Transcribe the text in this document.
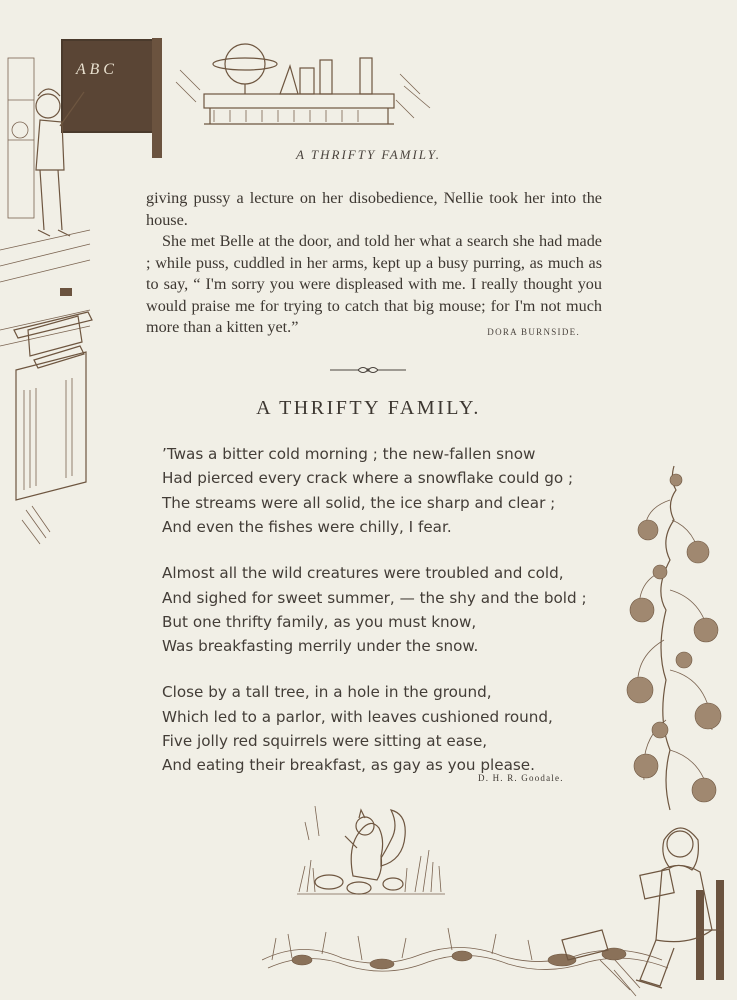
A B C
A THRIFTY FAMILY.

giving pussy a lecture on her disobedience, Nellie took her into the house.

She met Belle at the door, and told her what a search she had made ; while puss, cuddled in her arms, kept up a busy purring, as much as to say, “ I'm sorry you were displeased with me. I really thought you would praise me for trying to catch that big mouse; for I'm not much more than a kitten yet.”	DORA BURNSIDE.

A THRIFTY FAMILY.
’Twas a bitter cold morning ; the new-fallen snow
Had pierced every crack where a snowflake could go ;
The streams were all solid, the ice sharp and clear ;
And even the fishes were chilly, I fear.
Almost all the wild creatures were troubled and cold,
And sighed for sweet summer, — the shy and the bold ;
But one thrifty family, as you must know,
Was breakfasting merrily under the snow.
Close by a tall tree, in a hole in the ground,
Which led to a parlor, with leaves cushioned round,
Five jolly red squirrels were sitting at ease,
And eating their breakfast, as gay as you please.
D. H. R. Goodale.
